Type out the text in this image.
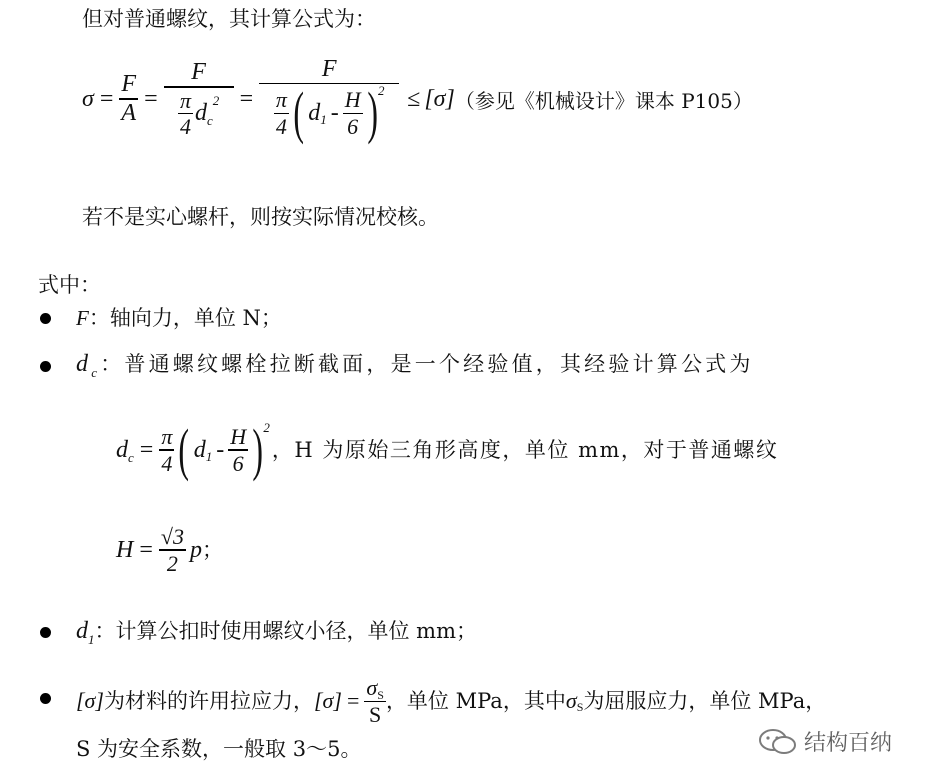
但对普通螺纹，其计算公式为：
$\sigma = \frac{F}{A} = F$
$\frac{\pi}{4}$ d c
2 =
F
$\frac{\pi}{4}$ ( d $1 - \frac{H}{6}$ ) 2 ≤ [σ] （参见《机械设计》课本 P105）
若不是实心螺杆，则按实际情况校核。
式中：
F：轴向力，单位 N；
$d_c$：普通螺纹螺栓拉断截面，是一个经验值，其经验计算公式为
d $c = \frac{\pi}{4}$ ( d $1 - \frac{H}{6}$ ) 2
，H 为原始三角形高度，单位 mm，对于普通螺纹
$H = \frac{√3}{2}$ p ；
$d_1$：计算公扣时使用螺纹小径，单位 mm；
[σ] 为材料的许用拉应力， $[\sigma] = \frac{\sigma S}{S}$ ，单位 MPa，其中 σ S 为屈服应力，单位 MPa，
S 为安全系数，一般取 3～5。	结构百纳
